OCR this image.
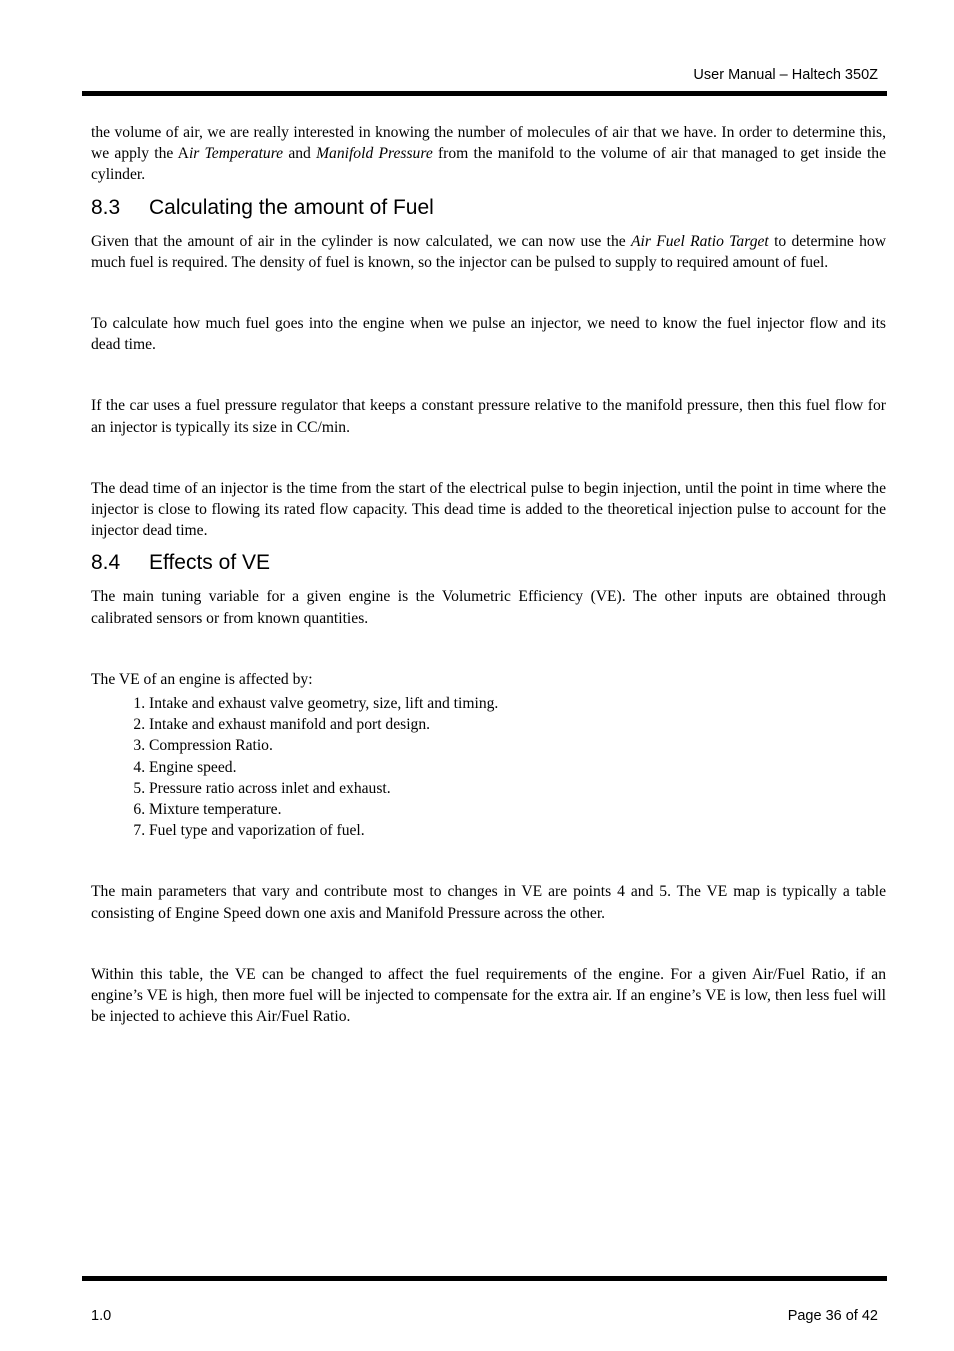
User Manual – Haltech 350Z

the volume of air, we are really interested in knowing the number of molecules of air that we have. In order to determine this, we apply the Air Temperature and Manifold Pressure from the manifold to the volume of air that managed to get inside the cylinder.

8.3 Calculating the amount of Fuel

Given that the amount of air in the cylinder is now calculated, we can now use the Air Fuel Ratio Target to determine how much fuel is required. The density of fuel is known, so the injector can be pulsed to supply to required amount of fuel.

To calculate how much fuel goes into the engine when we pulse an injector, we need to know the fuel injector flow and its dead time.

If the car uses a fuel pressure regulator that keeps a constant pressure relative to the manifold pressure, then this fuel flow for an injector is typically its size in CC/min.

The dead time of an injector is the time from the start of the electrical pulse to begin injection, until the point in time where the injector is close to flowing its rated flow capacity. This dead time is added to the theoretical injection pulse to account for the injector dead time.

8.4 Effects of VE

The main tuning variable for a given engine is the Volumetric Efficiency (VE). The other inputs are obtained through calibrated sensors or from known quantities.

The VE of an engine is affected by:

1. Intake and exhaust valve geometry, size, lift and timing.
2. Intake and exhaust manifold and port design.
3. Compression Ratio.
4. Engine speed.
5. Pressure ratio across inlet and exhaust.
6. Mixture temperature.
7. Fuel type and vaporization of fuel.

The main parameters that vary and contribute most to changes in VE are points 4 and 5. The VE map is typically a table consisting of Engine Speed down one axis and Manifold Pressure across the other.

Within this table, the VE can be changed to affect the fuel requirements of the engine. For a given Air/Fuel Ratio, if an engine’s VE is high, then more fuel will be injected to compensate for the extra air. If an engine’s VE is low, then less fuel will be injected to achieve this Air/Fuel Ratio.

1.0	Page 36 of 42
